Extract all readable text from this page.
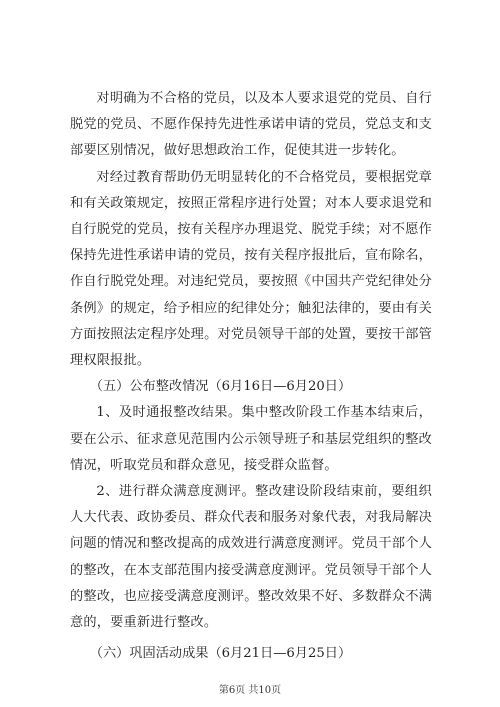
对明确为不合格的党员，以及本人要求退党的党员、自行脱党的党员、不愿作保持先进性承诺申请的党员，党总支和支部要区别情况，做好思想政治工作，促使其进一步转化。

对经过教育帮助仍无明显转化的不合格党员，要根据党章和有关政策规定，按照正常程序进行处置；对本人要求退党和自行脱党的党员，按有关程序办理退党、脱党手续；对不愿作保持先进性承诺申请的党员，按有关程序报批后，宣布除名，作自行脱党处理。对违纪党员，要按照《中国共产党纪律处分条例》的规定，给予相应的纪律处分；触犯法律的，要由有关方面按照法定程序处理。对党员领导干部的处置，要按干部管理权限报批。

（五）公布整改情况（6月16日—6月20日）

1、及时通报整改结果。集中整改阶段工作基本结束后，要在公示、征求意见范围内公示领导班子和基层党组织的整改情况，听取党员和群众意见，接受群众监督。

2、进行群众满意度测评。整改建设阶段结束前，要组织人大代表、政协委员、群众代表和服务对象代表，对我局解决问题的情况和整改提高的成效进行满意度测评。党员干部个人的整改，在本支部范围内接受满意度测评。党员领导干部个人的整改，也应接受满意度测评。整改效果不好、多数群众不满意的，要重新进行整改。

（六）巩固活动成果（6月21日—6月25日）

第6页 共10页
